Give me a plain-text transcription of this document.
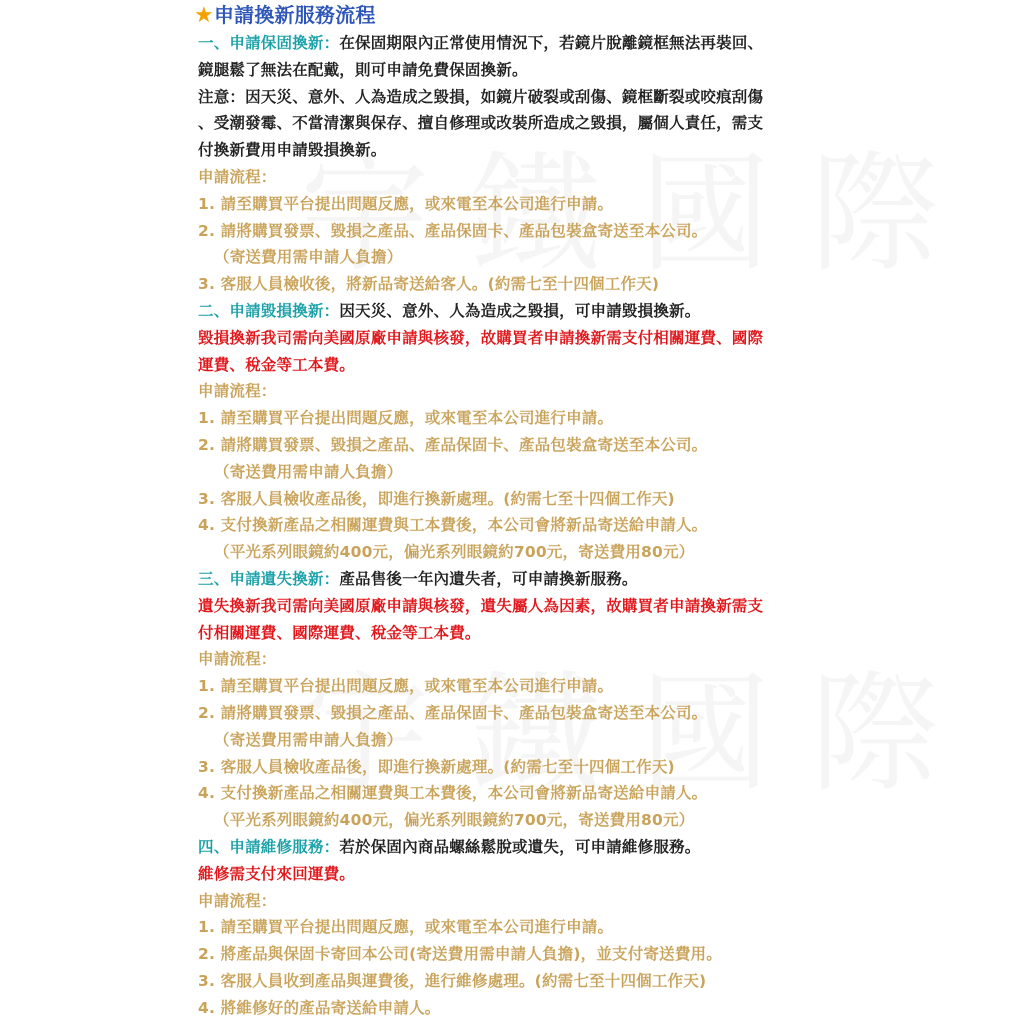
★申請換新服務流程
一、申請保固換新：在保固期限內正常使用情況下，若鏡片脫離鏡框無法再裝回、
鏡腿鬆了無法在配戴，則可申請免費保固換新。
注意：因天災、意外、人為造成之毀損，如鏡片破裂或刮傷、鏡框斷裂或咬痕刮傷
、受潮發霉、不當清潔與保存、擅自修理或改裝所造成之毀損，屬個人責任，需支
付換新費用申請毀損換新。
申請流程：
1. 請至購買平台提出問題反應，或來電至本公司進行申請。
2. 請將購買發票、毀損之產品、產品保固卡、產品包裝盒寄送至本公司。
（寄送費用需申請人負擔）
3. 客服人員檢收後，將新品寄送給客人。(約需七至十四個工作天)
二、申請毀損換新：因天災、意外、人為造成之毀損，可申請毀損換新。
毀損換新我司需向美國原廠申請與核發，故購買者申請換新需支付相關運費、國際
運費、稅金等工本費。
申請流程：
1. 請至購買平台提出問題反應，或來電至本公司進行申請。
2. 請將購買發票、毀損之產品、產品保固卡、產品包裝盒寄送至本公司。
（寄送費用需申請人負擔）
3. 客服人員檢收產品後，即進行換新處理。(約需七至十四個工作天)
4. 支付換新產品之相關運費與工本費後，本公司會將新品寄送給申請人。
（平光系列眼鏡約400元，偏光系列眼鏡約700元，寄送費用80元）
三、申請遺失換新：產品售後一年內遺失者，可申請換新服務。
遺失換新我司需向美國原廠申請與核發，遺失屬人為因素，故購買者申請換新需支
付相關運費、國際運費、稅金等工本費。
申請流程：
1. 請至購買平台提出問題反應，或來電至本公司進行申請。
2. 請將購買發票、毀損之產品、產品保固卡、產品包裝盒寄送至本公司。
（寄送費用需申請人負擔）
3. 客服人員檢收產品後，即進行換新處理。(約需七至十四個工作天)
4. 支付換新產品之相關運費與工本費後，本公司會將新品寄送給申請人。
（平光系列眼鏡約400元，偏光系列眼鏡約700元，寄送費用80元）
四、申請維修服務：若於保固內商品螺絲鬆脫或遺失，可申請維修服務。
維修需支付來回運費。
申請流程：
1. 請至購買平台提出問題反應，或來電至本公司進行申請。
2. 將產品與保固卡寄回本公司(寄送費用需申請人負擔)，並支付寄送費用。
3. 客服人員收到產品與運費後，進行維修處理。(約需七至十四個工作天)
4. 將維修好的產品寄送給申請人。
